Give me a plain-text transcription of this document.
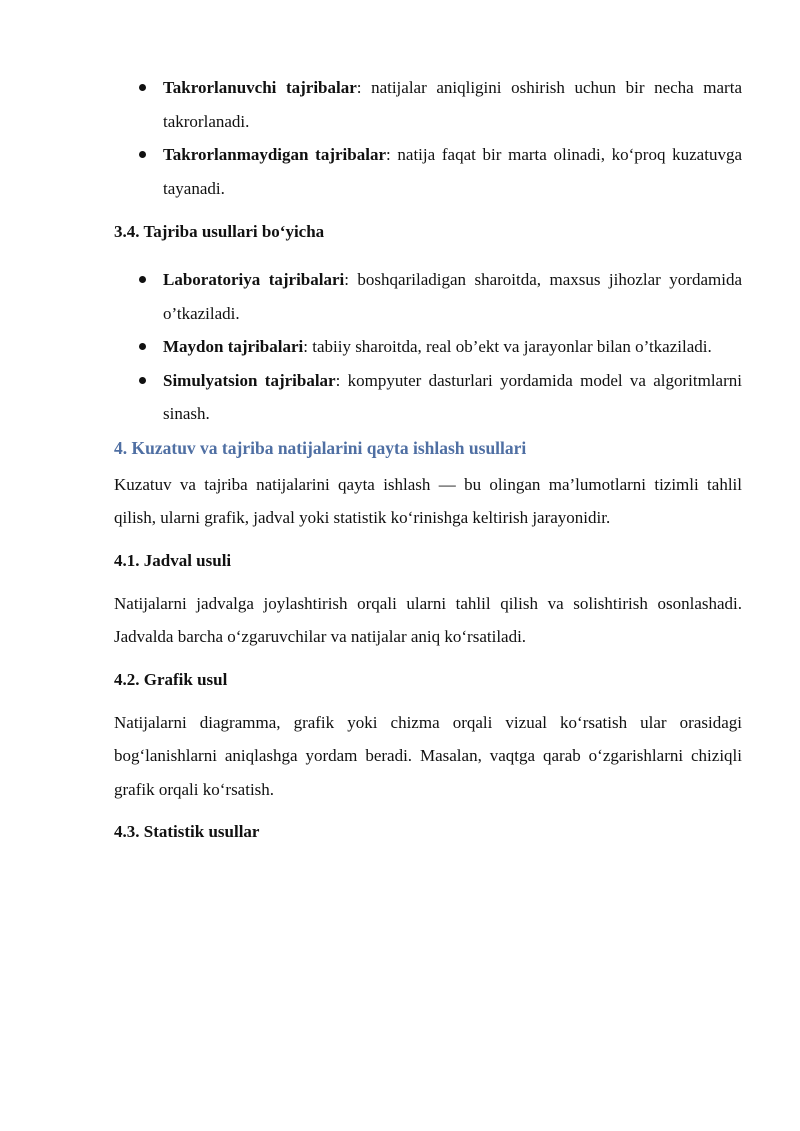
Takrorlanuvchi tajribalar: natijalar aniqligini oshirish uchun bir necha marta takrorlanadi.
Takrorlanmaydigan tajribalar: natija faqat bir marta olinadi, ko‘proq kuzatuvga tayanadi.

3.4. Tajriba usullari bo‘yicha

Laboratoriya tajribalari: boshqariladigan sharoitda, maxsus jihozlar yordamida o’tkaziladi.
Maydon tajribalari: tabiiy sharoitda, real ob’ekt va jarayonlar bilan o’tkaziladi.
Simulyatsion tajribalar: kompyuter dasturlari yordamida model va algoritmlarni sinash.

4. Kuzatuv va tajriba natijalarini qayta ishlash usullari

Kuzatuv va tajriba natijalarini qayta ishlash — bu olingan ma’lumotlarni tizimli tahlil qilish, ularni grafik, jadval yoki statistik ko‘rinishga keltirish jarayonidir.

4.1. Jadval usuli

Natijalarni jadvalga joylashtirish orqali ularni tahlil qilish va solishtirish osonlashadi. Jadvalda barcha o‘zgaruvchilar va natijalar aniq ko‘rsatiladi.

4.2. Grafik usul

Natijalarni diagramma, grafik yoki chizma orqali vizual ko‘rsatish ular orasidagi bog‘lanishlarni aniqlashga yordam beradi. Masalan, vaqtga qarab o‘zgarishlarni chiziqli grafik orqali ko‘rsatish.

4.3. Statistik usullar
